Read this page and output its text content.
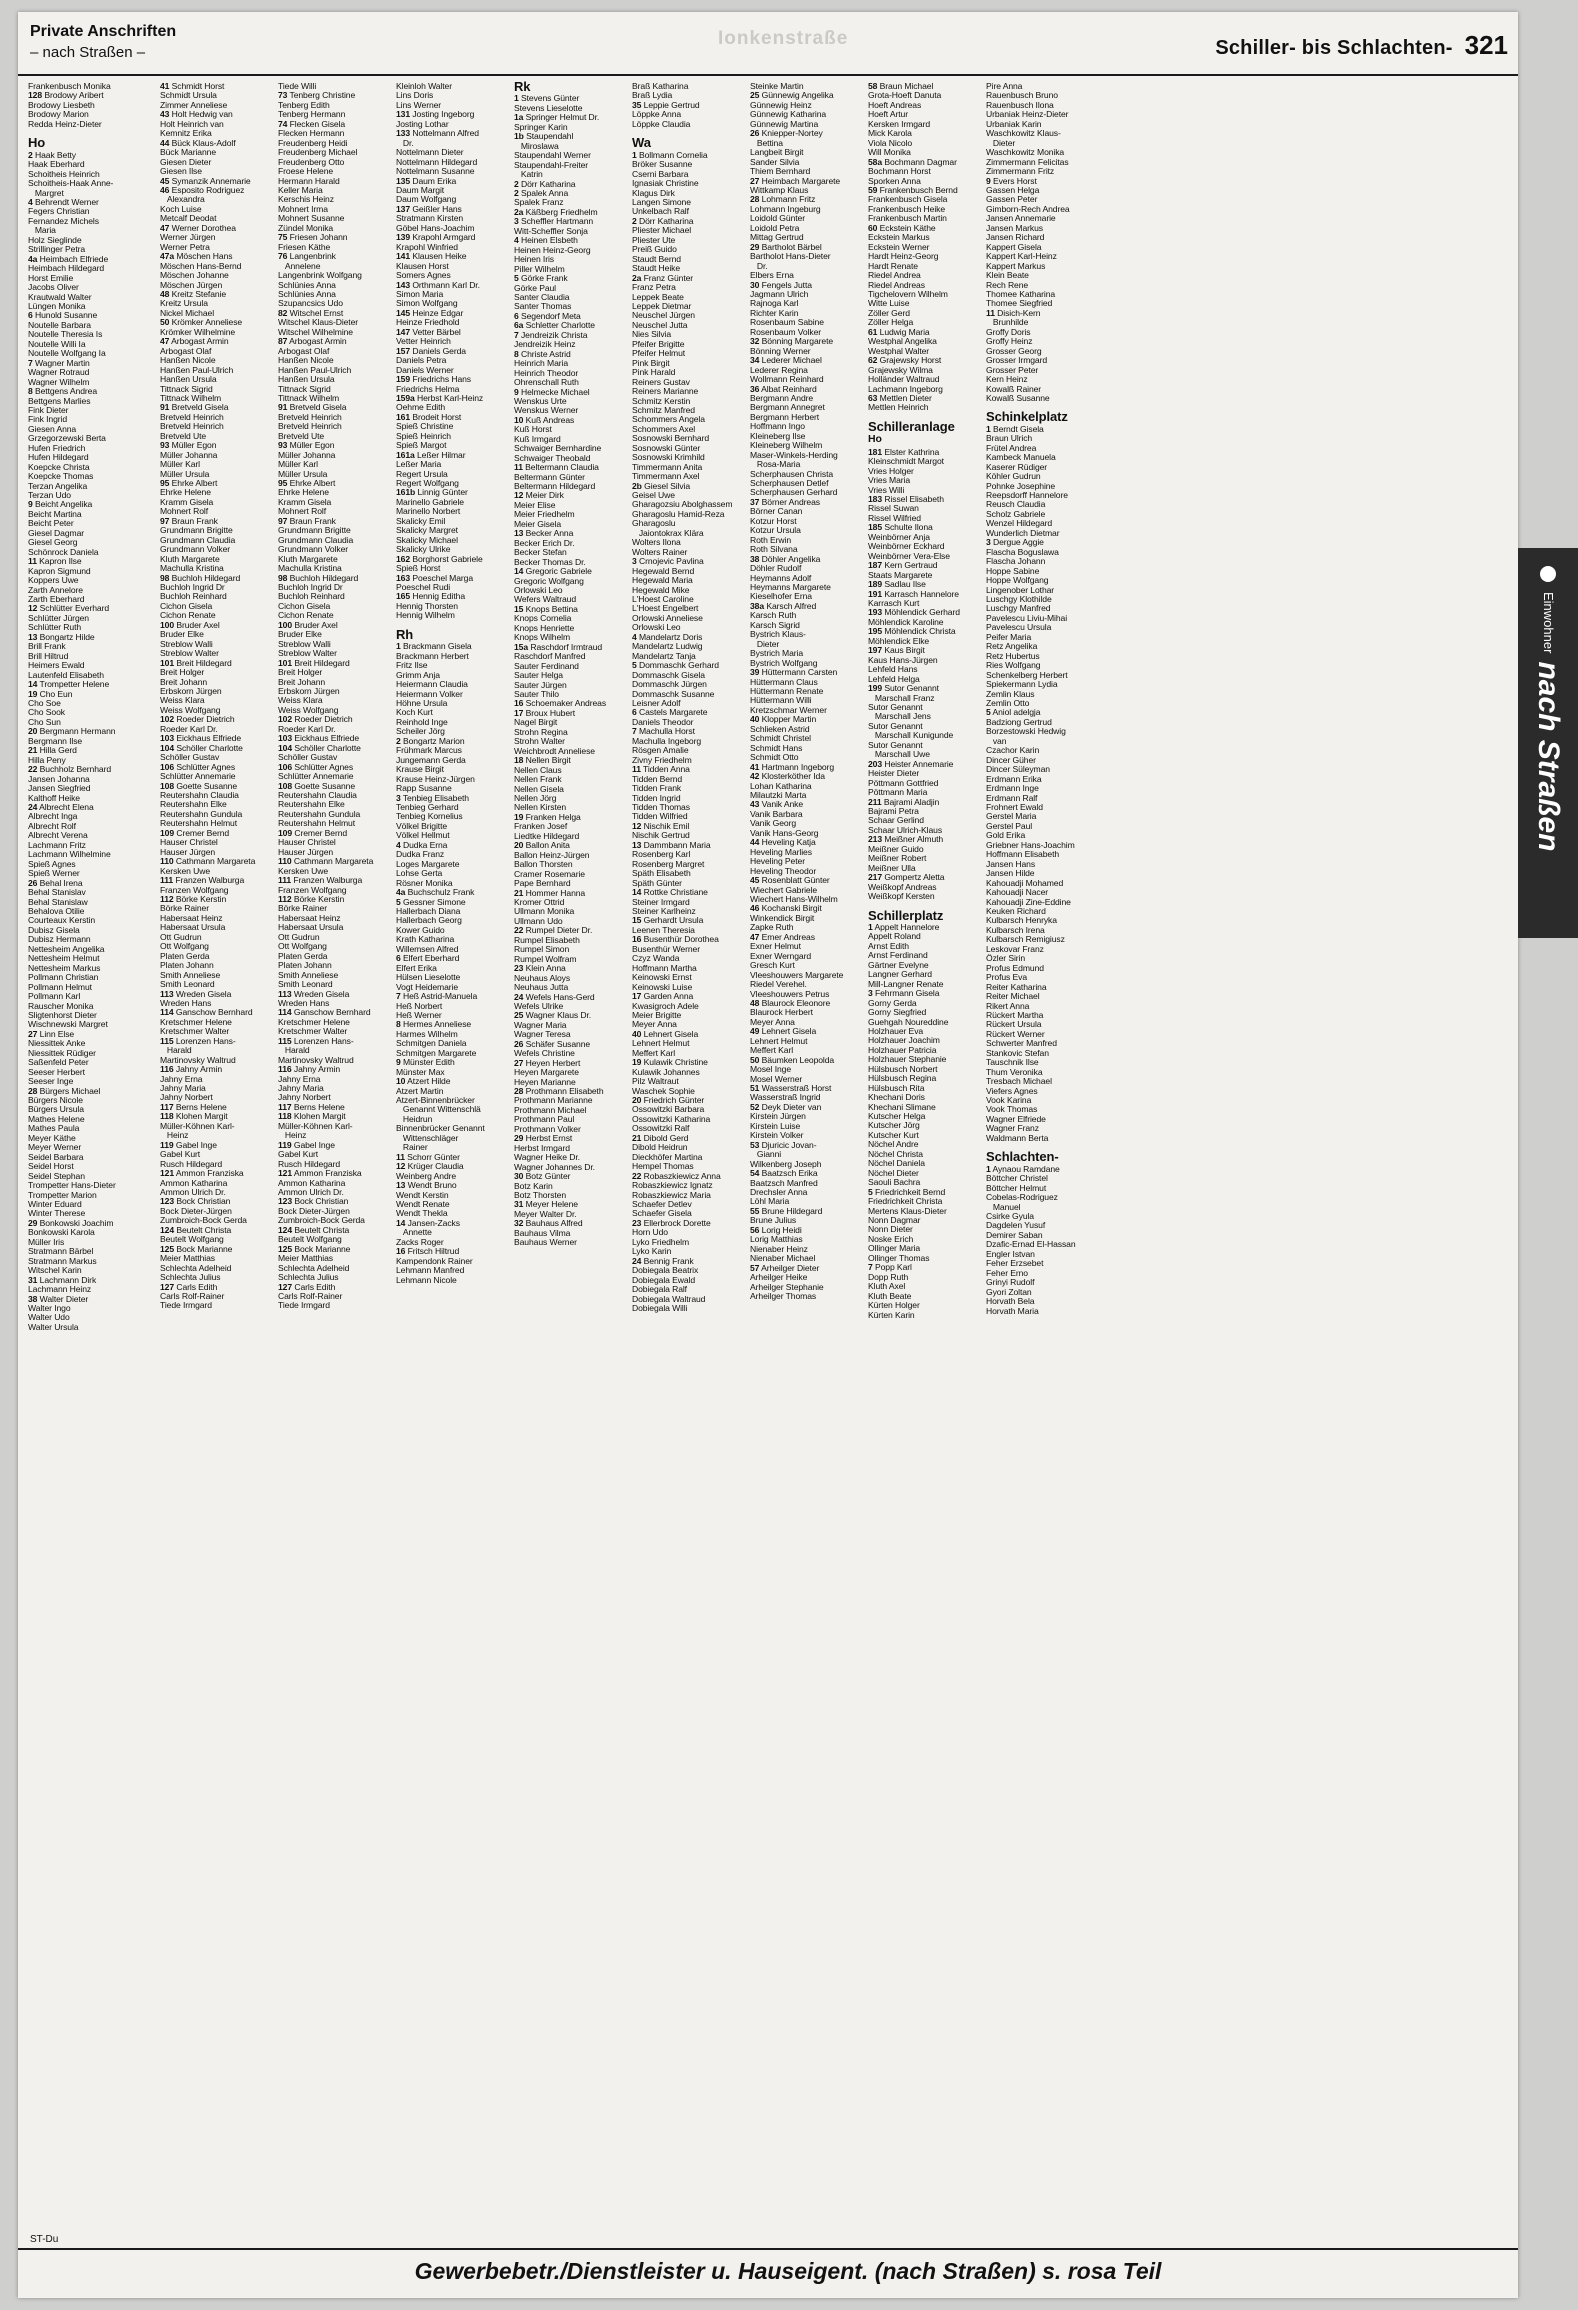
Private Anschriften
– nach Straßen –
Ionkenstraße	Schiller- bis Schlachten- 321
Frankenbusch Monika
128 Brodowy Aribert
Brodowy Liesbeth
Brodowy Marion
Redda Heinz-Dieter
Ho
2 Haak Betty
Haak Eberhard
Schoitheis Heinrich
Schoitheis-Haak Anne-
Margret
4 Behrendt Werner
Fegers Christian
Fernandez Michels
Maria
Holz Sieglinde
Strillinger Petra
4a Heimbach Elfriede
Heimbach Hildegard
Horst Emilie
Jacobs Oliver
Krautwald Walter
Lüngen Monika
6 Hunold Susanne
Noutelle Barbara
Noutelle Theresia Is
Noutelle Willi Ia
Noutelle Wolfgang Ia
7 Wagner Martin
Wagner Rotraud
Wagner Wilhelm
8 Bettgens Andrea
Bettgens Marlies
Fink Dieter
Fink Ingrid
Giesen Anna
Grzegorzewski Berta
Hufen Friedrich
Hufen Hildegard
Koepcke Christa
Koepcke Thomas
Terzan Angelika
Terzan Udo
9 Beicht Angelika
Beicht Martina
Beicht Peter
Giesel Dagmar
Giesel Georg
Schönrock Daniela
11 Kapron Ilse
Kapron Sigmund
Koppers Uwe
Zarth Annelore
Zarth Eberhard
12 Schlütter Everhard
Schlütter Jürgen
Schlütter Ruth
13 Bongartz Hilde
Brill Frank
Brill Hiltrud
Heimers Ewald
Lautenfeld Elisabeth
14 Trompetter Helene
19 Cho Eun
Cho Soe
Cho Sook
Cho Sun
20 Bergmann Hermann
Bergmann Ilse
21 Hilla Gerd
Hilla Peny
22 Buchholz Bernhard
Jansen Johanna
Jansen Siegfried
Kalthoff Heike
24 Albrecht Elena
Albrecht Inga
Albrecht Rolf
Albrecht Verena
Lachmann Fritz
Lachmann Wilhelmine
Spieß Agnes
Spieß Werner
26 Behal Irena
Behal Stanislav
Behal Stanislaw
Behalova Otilie
Courteaux Kerstin
Dubisz Gisela
Dubisz Hermann
Nettesheim Angelika
Nettesheim Helmut
Nettesheim Markus
Pollmann Christian
Pollmann Helmut
Pollmann Karl
Rauscher Monika
Sligtenhorst Dieter
Wischnewski Margret
27 Linn Else
Niessittek Anke
Niessittek Rüdiger
Saßenfeld Peter
Seeser Herbert
Seeser Inge
28 Bürgers Michael
Bürgers Nicole
Bürgers Ursula
Mathes Helene
Mathes Paula
Meyer Käthe
Meyer Werner
Seidel Barbara
Seidel Horst
Seidel Stephan
Trompetter Hans-Dieter
Trompetter Marion
Winter Eduard
Winter Therese
29 Bonkowski Joachim
Bonkowski Karola
Müller Iris
Stratmann Bärbel
Stratmann Markus
Witschel Karin
31 Lachmann Dirk
Lachmann Heinz
38 Walter Dieter
Walter Ingo
Walter Udo
Walter Ursula
41 Schmidt Horst
Schmidt Ursula
Zimmer Anneliese
43 Holt Hedwig van
Holt Heinrich van
Kemnitz Erika
44 Bück Klaus-Adolf
Bück Marianne
Giesen Dieter
Giesen Ilse
45 Symanzik Annemarie
46 Esposito Rodriguez
Alexandra
Koch Luise
Metcalf Deodat
47 Werner Dorothea
Werner Jürgen
Werner Petra
47a Möschen Hans
Möschen Hans-Bernd
Möschen Johanne
Möschen Jürgen
48 Kreitz Stefanie
Kreitz Ursula
Nickel Michael
50 Krömker Anneliese
Krömker Wilhelmine
47 Arbogast Armin
Arbogast Olaf
Hanßen Nicole
Hanßen Paul-Ulrich
Hanßen Ursula
Tittnack Sigrid
Tittnack Wilhelm
91 Bretveld Gisela
Bretveld Heinrich
Bretveld Heinrich
Bretveld Ute
93 Müller Egon
Müller Johanna
Müller Karl
Müller Ursula
95 Ehrke Albert
Ehrke Helene
Kramm Gisela
Mohnert Rolf
97 Braun Frank
Grundmann Brigitte
Grundmann Claudia
Grundmann Volker
Kluth Margarete
Machulla Kristina
98 Buchloh Hildegard
Buchloh Ingrid Dr
Buchloh Reinhard
Cichon Gisela
Cichon Renate
100 Bruder Axel
Bruder Elke
Streblow Walli
Streblow Walter
101 Breit Hildegard
Breit Holger
Breit Johann
Erbskorn Jürgen
Weiss Klara
Weiss Wolfgang
102 Roeder Dietrich
Roeder Karl Dr.
103 Eickhaus Elfriede
104 Schöller Charlotte
Schöller Gustav
106 Schlütter Agnes
Schlütter Annemarie
108 Goette Susanne
Reutershahn Claudia
Reutershahn Elke
Reutershahn Gundula
Reutershahn Helmut
109 Cremer Bernd
Hauser Christel
Hauser Jürgen
110 Cathmann Margareta
Kersken Uwe
111 Franzen Walburga
Franzen Wolfgang
112 Börke Kerstin
Börke Rainer
Habersaat Heinz
Habersaat Ursula
Ott Gudrun
Ott Wolfgang
Platen Gerda
Platen Johann
Smith Anneliese
Smith Leonard
113 Wreden Gisela
Wreden Hans
114 Ganschow Bernhard
Kretschmer Helene
Kretschmer Walter
115 Lorenzen Hans-
Harald
Martinovsky Waltrud
116 Jahny Armin
Jahny Erna
Jahny Maria
Jahny Norbert
117 Berns Helene
118 Klohen Margit
Müller-Köhnen Karl-
Heinz
119 Gabel Inge
Gabel Kurt
Rusch Hildegard
121 Ammon Franziska
Ammon Katharina
Ammon Ulrich Dr.
123 Bock Christian
Bock Dieter-Jürgen
Zumbroich-Bock Gerda
124 Beutelt Christa
Beutelt Wolfgang
125 Bock Marianne
Meier Matthias
Schlechta Adelheid
Schlechta Julius
127 Carls Edith
Carls Rolf-Rainer
Tiede Irmgard
Tiede Willi
73 Tenberg Christine
Tenberg Edith
Tenberg Hermann
74 Flecken Gisela
Flecken Hermann
Freudenberg Heidi
Freudenberg Michael
Freudenberg Otto
Froese Helene
Hermann Harald
Keller Maria
Kerschis Heinz
Mohnert Irma
Mohnert Susanne
Zündel Monika
75 Friesen Johann
Friesen Käthe
76 Langenbrink
Annelene
Langenbrink Wolfgang
Schlünies Anna
Schlünies Anna
Szupancsics Udo
82 Witschel Ernst
Witschel Klaus-Dieter
Witschel Wilhelmine
87 Arbogast Armin
Arbogast Olaf
Hanßen Nicole
Hanßen Paul-Ulrich
Hanßen Ursula
Tittnack Sigrid
Tittnack Wilhelm
91 Bretveld Gisela
Bretveld Heinrich
Bretveld Heinrich
Bretveld Ute
93 Müller Egon
Müller Johanna
Müller Karl
Müller Ursula
95 Ehrke Albert
Ehrke Helene
Kramm Gisela
Mohnert Rolf
97 Braun Frank
Grundmann Brigitte
Grundmann Claudia
Grundmann Volker
Kluth Margarete
Machulla Kristina
98 Buchloh Hildegard
Buchloh Ingrid Dr
Buchloh Reinhard
Cichon Gisela
Cichon Renate
100 Bruder Axel
Bruder Elke
Streblow Walli
Streblow Walter
101 Breit Hildegard
Breit Holger
Breit Johann
Erbskorn Jürgen
Weiss Klara
Weiss Wolfgang
102 Roeder Dietrich
Roeder Karl Dr.
103 Eickhaus Elfriede
104 Schöller Charlotte
Schöller Gustav
106 Schlütter Agnes
Schlütter Annemarie
108 Goette Susanne
Reutershahn Claudia
Reutershahn Elke
Reutershahn Gundula
Reutershahn Helmut
109 Cremer Bernd
Hauser Christel
Hauser Jürgen
110 Cathmann Margareta
Kersken Uwe
111 Franzen Walburga
Franzen Wolfgang
112 Börke Kerstin
Börke Rainer
Habersaat Heinz
Habersaat Ursula
Ott Gudrun
Ott Wolfgang
Platen Gerda
Platen Johann
Smith Anneliese
Smith Leonard
113 Wreden Gisela
Wreden Hans
114 Ganschow Bernhard
Kretschmer Helene
Kretschmer Walter
115 Lorenzen Hans-
Harald
Martinovsky Waltrud
116 Jahny Armin
Jahny Erna
Jahny Maria
Jahny Norbert
117 Berns Helene
118 Klohen Margit
Müller-Köhnen Karl-
Heinz
119 Gabel Inge
Gabel Kurt
Rusch Hildegard
121 Ammon Franziska
Ammon Katharina
Ammon Ulrich Dr.
123 Bock Christian
Bock Dieter-Jürgen
Zumbroich-Bock Gerda
124 Beutelt Christa
Beutelt Wolfgang
125 Bock Marianne
Meier Matthias
Schlechta Adelheid
Schlechta Julius
127 Carls Edith
Carls Rolf-Rainer
Tiede Irmgard
Kleinloh Walter
Lins Doris
Lins Werner
131 Josting Ingeborg
Josting Lothar
133 Nottelmann Alfred
Dr.
Nottelmann Dieter
Nottelmann Hildegard
Nottelmann Susanne
135 Daum Erika
Daum Margit
Daum Wolfgang
137 Geißler Hans
Stratmann Kirsten
Göbel Hans-Joachim
139 Krapohl Armgard
Krapohl Winfried
141 Klausen Heike
Klausen Horst
Somers Agnes
143 Orthmann Karl Dr.
Simon Maria
Simon Wolfgang
145 Heinze Edgar
Heinze Friedhold
147 Vetter Bärbel
Vetter Heinrich
157 Daniels Gerda
Daniels Petra
Daniels Werner
159 Friedrichs Hans
Friedrichs Helma
159a Herbst Karl-Heinz
Oehme Edith
161 Brodeit Horst
Spieß Christine
Spieß Heinrich
Spieß Margot
161a Leßer Hilmar
Leßer Maria
Regert Ursula
Regert Wolfgang
161b Linnig Günter
Marinello Gabriele
Marinello Norbert
Skalicky Emil
Skalicky Margret
Skalicky Michael
Skalicky Ulrike
162 Borghorst Gabriele
Spieß Horst
163 Poeschel Marga
Poeschel Rudi
165 Hennig Editha
Hennig Thorsten
Hennig Wilhelm
Rh
1 Brackmann Gisela
Brackmann Herbert
Fritz Ilse
Grimm Anja
Heiermann Claudia
Heiermann Volker
Höhne Ursula
Koch Kurt
Reinhold Inge
Scheiler Jörg
2 Bongartz Marion
Frühmark Marcus
Jungemann Gerda
Krause Birgit
Krause Heinz-Jürgen
Rapp Susanne
3 Tenbieg Elisabeth
Tenbieg Gerhard
Tenbieg Kornelius
Völkel Brigitte
Völkel Hellmut
4 Dudka Erna
Dudka Franz
Loges Margarete
Lohse Gerta
Rösner Monika
4a Buchschulz Frank
5 Gessner Simone
Hallerbach Diana
Hallerbach Georg
Kower Guido
Krath Katharina
Willemsen Alfred
6 Elfert Eberhard
Elfert Erika
Hülsen Lieselotte
Vogt Heidemarie
7 Heß Astrid-Manuela
Heß Norbert
Heß Werner
8 Hermes Anneliese
Harmes Wilhelm
Schmitgen Daniela
Schmitgen Margarete
9 Münster Edith
Münster Max
10 Atzert Hilde
Atzert Martin
Atzert-Binnenbrücker
Genannt Wittenschlä
Heidrun
Binnenbrücker Genannt
Wittenschläger
Rainer
11 Schorr Günter
12 Krüger Claudia
Weinberg Andre
13 Wendt Bruno
Wendt Kerstin
Wendt Renate
Wendt Thekla
14 Jansen-Zacks
Annette
Zacks Roger
16 Fritsch Hiltrud
Kampendonk Rainer
Lehmann Manfred
Lehmann Nicole
Rk
1 Stevens Günter
Stevens Lieselotte
1a Springer Helmut Dr.
Springer Karin
1b Staupendahl
Miroslawa
Staupendahl Werner
Staupendahl-Freiter
Katrin
2 Dörr Katharina
2 Spalek Anna
Spalek Franz
2a Käßberg Friedhelm
3 Scheffler Hartmann
Witt-Scheffler Sonja
4 Heinen Elsbeth
Heinen Heinz-Georg
Heinen Iris
Piller Wilhelm
5 Görke Frank
Görke Paul
Santer Claudia
Santer Thomas
6 Segendorf Meta
6a Schletter Charlotte
7 Jendreizik Christa
Jendreizik Heinz
8 Christe Astrid
Heinrich Maria
Heinrich Theodor
Ohrenschall Ruth
9 Helmecke Michael
Wenskus Urte
Wenskus Werner
10 Kuß Andreas
Kuß Horst
Kuß Irmgard
Schwaiger Bernhardine
Schwaiger Theobald
11 Beltermann Claudia
Beltermann Günter
Beltermann Hildegard
12 Meier Dirk
Meier Elise
Meier Friedhelm
Meier Gisela
13 Becker Anna
Becker Erich Dr.
Becker Stefan
Becker Thomas Dr.
14 Gregoric Gabriele
Gregoric Wolfgang
Orlowski Leo
Wefers Waltraud
15 Knops Bettina
Knops Cornelia
Knops Henriette
Knops Wilhelm
15a Raschdorf Irmtraud
Raschdorf Manfred
Sauter Ferdinand
Sauter Helga
Sauter Jürgen
Sauter Thilo
16 Schoemaker Andreas
17 Broux Hubert
Nagel Birgit
Strohn Regina
Strohn Walter
Weichbrodt Anneliese
18 Nellen Birgit
Nellen Claus
Nellen Frank
Nellen Gisela
Nellen Jörg
Nellen Kirsten
19 Franken Helga
Franken Josef
Liedtke Hildegard
20 Ballon Anita
Ballon Heinz-Jürgen
Ballon Thorsten
Cramer Rosemarie
Pape Bernhard
21 Hommer Hanna
Kromer Ottrid
Ullmann Monika
Ullmann Udo
22 Rumpel Dieter Dr.
Rumpel Elisabeth
Rumpel Simon
Rumpel Wolfram
23 Klein Anna
Neuhaus Aloys
Neuhaus Jutta
24 Wefels Hans-Gerd
Wefels Ulrike
25 Wagner Klaus Dr.
Wagner Maria
Wagner Teresa
26 Schäfer Susanne
Wefels Christine
27 Heyen Herbert
Heyen Margarete
Heyen Marianne
28 Prothmann Elisabeth
Prothmann Marianne
Prothmann Michael
Prothmann Paul
Prothmann Volker
29 Herbst Ernst
Herbst Irmgard
Wagner Heike Dr.
Wagner Johannes Dr.
30 Botz Günter
Botz Karin
Botz Thorsten
31 Meyer Helene
Meyer Walter Dr.
32 Bauhaus Alfred
Bauhaus Vilma
Bauhaus Werner
Braß Katharina
Braß Lydia
35 Leppie Gertrud
Löppke Anna
Löppke Claudia
Wa
1 Bollmann Cornelia
Bröker Susanne
Cserni Barbara
Ignasiak Christine
Klagus Dirk
Langen Simone
Unkelbach Ralf
2 Dörr Katharina
Pliester Michael
Pliester Ute
Preiß Guido
Staudt Bernd
Staudt Heike
2a Franz Günter
Franz Petra
Leppek Beate
Leppek Dietmar
Neuschel Jürgen
Neuschel Jutta
Nies Silvia
Pfeifer Brigitte
Pfeifer Helmut
Pink Birgit
Pink Harald
Reiners Gustav
Reiners Marianne
Schmitz Kerstin
Schmitz Manfred
Schommers Angela
Schommers Axel
Sosnowski Bernhard
Sosnowski Günter
Sosnowski Krimhild
Timmermann Anita
Timmermann Axel
2b Giesel Silvia
Geisel Uwe
Gharagozsiu Abolghassem
Gharagoslu Hamid-Reza
Gharagoslu
Jaiontokrax Klära
Wolters Ilona
Wolters Rainer
3 Crnojevic Pavlina
Hegewald Bernd
Hegewald Maria
Hegewald Mike
L'Hoest Caroline
L'Hoest Engelbert
Orlowski Anneliese
Orlowski Leo
4 Mandelartz Doris
Mandelartz Ludwig
Mandelartz Tanja
5 Dommaschk Gerhard
Dommaschk Gisela
Dommaschk Jürgen
Dommaschk Susanne
Leisner Adolf
6 Castels Margarete
Daniels Theodor
7 Machulla Horst
Machulla Ingeborg
Rösgen Amalie
Zivny Friedhelm
11 Tidden Anna
Tidden Bernd
Tidden Frank
Tidden Ingrid
Tidden Thomas
Tidden Wilfried
12 Nischik Emil
Nischik Gertrud
13 Dammbann Maria
Rosenberg Karl
Rosenberg Margret
Späth Elisabeth
Späth Günter
14 Rottke Christiane
Steiner Irmgard
Steiner Karlheinz
15 Gerhardt Ursula
Leenen Theresia
16 Busenthür Dorothea
Busenthür Werner
Czyz Wanda
Hoffmann Martha
Keinowski Ernst
Keinowski Luise
17 Garden Anna
Kwasigroch Adele
Meier Brigitte
Meyer Anna
40 Lehnert Gisela
Lehnert Helmut
Meffert Karl
19 Kulawik Christine
Kulawik Johannes
Pilz Waltraut
Waschek Sophie
20 Friedrich Günter
Ossowitzki Barbara
Ossowitzki Katharina
Ossowitzki Ralf
21 Dibold Gerd
Dibold Heidrun
Dieckhöfer Martina
Hempel Thomas
22 Robaszkiewicz Anna
Robaszkiewicz Ignatz
Robaszkiewicz Maria
Schaefer Detlev
Schaefer Gisela
23 Ellerbrock Dorette
Horn Udo
Lyko Friedhelm
Lyko Karin
24 Bennig Frank
Dobiegala Beatrix
Dobiegala Ewald
Dobiegala Ralf
Dobiegala Waltraud
Dobiegala Willi
Steinke Martin
25 Günnewig Angelika
Günnewig Heinz
Günnewig Katharina
Günnewig Martina
26 Kniepper-Nortey
Bettina
Langbeit Birgit
Sander Silvia
Thiem Bernhard
27 Heimbach Margarete
Wittkamp Klaus
28 Lohmann Fritz
Lohmann Ingeburg
Loidold Günter
Loidold Petra
Mittag Gertrud
29 Bartholot Bärbel
Bartholot Hans-Dieter
Dr.
Elbers Erna
30 Fengels Jutta
Jagmann Ulrich
Rajnoga Karl
Richter Karin
Rosenbaum Sabine
Rosenbaum Volker
32 Bönning Margarete
Bönning Werner
34 Lederer Michael
Lederer Regina
Wollmann Reinhard
36 Albat Reinhard
Bergmann Andre
Bergmann Annegret
Bergmann Herbert
Hoffmann Ingo
Kleineberg Ilse
Kleineberg Wilhelm
Maser-Winkels-Herding
Rosa-Maria
Scherphausen Christa
Scherphausen Detlef
Scherphausen Gerhard
37 Börner Andreas
Börner Canan
Kotzur Horst
Kotzur Ursula
Roth Erwin
Roth Silvana
38 Döhler Angelika
Döhler Rudolf
Heymanns Adolf
Heymanns Margarete
Kieselhofer Erna
38a Karsch Alfred
Karsch Ruth
Karsch Sigrid
Bystrich Klaus-
Dieter
Bystrich Maria
Bystrich Wolfgang
39 Hüttermann Carsten
Hüttermann Claus
Hüttermann Renate
Hüttermann Willi
Kretzschmar Werner
40 Klopper Martin
Schlieken Astrid
Schmidt Christel
Schmidt Hans
Schmidt Otto
41 Hartmann Ingeborg
42 Klosterköther Ida
Lohan Katharina
Milautzki Marta
43 Vanik Anke
Vanik Barbara
Vanik Georg
Vanik Hans-Georg
44 Heveling Katja
Heveling Marlies
Heveling Peter
Heveling Theodor
45 Rosenblatt Günter
Wiechert Gabriele
Wiechert Hans-Wilhelm
46 Kochanski Birgit
Winkendick Birgit
Zapke Ruth
47 Emer Andreas
Exner Helmut
Exner Werngard
Gresch Kurt
Vleeshouwers Margarete
Riedel Verehel.
Vleeshouwers Petrus
48 Blaurock Eleonore
Blaurock Herbert
Meyer Anna
49 Lehnert Gisela
Lehnert Helmut
Meffert Karl
50 Bäumken Leopolda
Mosel Inge
Mosel Werner
51 Wasserstraß Horst
Wasserstraß Ingrid
52 Deyk Dieter van
Kirstein Jürgen
Kirstein Luise
Kirstein Volker
53 Djuricic Jovan-
Gianni
Wilkenberg Joseph
54 Baatzsch Erika
Baatzsch Manfred
Drechsler Anna
Löhl Maria
55 Brune Hildegard
Brune Julius
56 Lorig Heidi
Lorig Matthias
Nienaber Heinz
Nienaber Michael
57 Arheilger Dieter
Arheilger Heike
Arheilger Stephanie
Arheilger Thomas
58 Braun Michael
Grota-Hoeft Danuta
Hoeft Andreas
Hoeft Artur
Kersken Irmgard
Mick Karola
Viola Nicolo
Will Monika
58a Bochmann Dagmar
Bochmann Horst
Sporken Anna
59 Frankenbusch Bernd
Frankenbusch Gisela
Frankenbusch Heike
Frankenbusch Martin
60 Eckstein Käthe
Eckstein Markus
Eckstein Werner
Hardt Heinz-Georg
Hardt Renate
Riedel Andrea
Riedel Andreas
Tigchelovern Wilhelm
Witte Luise
Zöller Gerd
Zöller Helga
61 Ludwig Maria
Westphal Angelika
Westphal Walter
62 Grajewsky Horst
Grajewsky Wilma
Holländer Waltraud
Lachmann Ingeborg
63 Mettlen Dieter
Mettlen Heinrich
Schilleranlage
Ho
181 Elster Kathrina
Kleinschmidt Margot
Vries Holger
Vries Maria
Vries Willi
183 Rissel Elisabeth
Rissel Suwan
Rissel Wilfried
185 Schulte Ilona
Weinbörner Anja
Weinbörner Eckhard
Weinbörner Vera-Else
187 Kern Gertraud
Staats Margarete
189 Sadlau Ilse
191 Karrasch Hannelore
Karrasch Kurt
193 Möhlendick Gerhard
Möhlendick Karoline
195 Möhlendick Christa
Möhlendick Elke
197 Kaus Birgit
Kaus Hans-Jürgen
Lehfeld Hans
Lehfeld Helga
199 Sutor Genannt
Marschall Franz
Sutor Genannt
Marschall Jens
Sutor Genannt
Marschall Kunigunde
Sutor Genannt
Marschall Uwe
203 Heister Annemarie
Heister Dieter
Pöttmann Gottfried
Pöttmann Maria
211 Bajrami Aladjin
Bajrami Petra
Schaar Gerlind
Schaar Ulrich-Klaus
213 Meißner Almuth
Meißner Guido
Meißner Robert
Meißner Ulla
217 Gompertz Aletta
Weißkopf Andreas
Weißkopf Kersten
Schillerplatz
1 Appelt Hannelore
Appelt Roland
Arnst Edith
Arnst Ferdinand
Gärtner Evelyne
Langner Gerhard
Mill-Langner Renate
3 Fehrmann Gisela
Gorny Gerda
Gorny Siegfried
Guehgah Noureddine
Holzhauer Eva
Holzhauer Joachim
Holzhauer Patricia
Holzhauer Stephanie
Hülsbusch Norbert
Hülsbusch Regina
Hülsbusch Rita
Khechani Doris
Khechani Slimane
Kutscher Helga
Kutscher Jörg
Kutscher Kurt
Nöchel Andre
Nöchel Christa
Nöchel Daniela
Nöchel Dieter
Saouli Bachra
5 Friedrichkeit Bernd
Friedrichkeit Christa
Mertens Klaus-Dieter
Nonn Dagmar
Nonn Dieter
Noske Erich
Ollinger Maria
Ollinger Thomas
7 Popp Karl
Dopp Ruth
Kluth Axel
Kluth Beate
Kürten Holger
Kürten Karin
Pire Anna
Rauenbusch Bruno
Rauenbusch Ilona
Urbaniak Heinz-Dieter
Urbaniak Karin
Waschkowitz Klaus-
Dieter
Waschkowitz Monika
Zimmermann Felicitas
Zimmermann Fritz
9 Evers Horst
Gassen Helga
Gassen Peter
Gimborn-Rech Andrea
Jansen Annemarie
Jansen Markus
Jansen Richard
Kappert Gisela
Kappert Karl-Heinz
Kappert Markus
Klein Beate
Rech Rene
Thomee Katharina
Thomee Siegfried
11 Disich-Kern
Brunhilde
Groffy Doris
Groffy Heinz
Grosser Georg
Grosser Irmgard
Grosser Peter
Kern Heinz
Kowalß Rainer
Kowalß Susanne
Schinkelplatz
1 Berndt Gisela
Braun Ulrich
Frütel Andrea
Kambeck Manuela
Kaserer Rüdiger
Köhler Gudrun
Pohnke Josephine
Reepsdorff Hannelore
Reusch Claudia
Scholz Gabriele
Wenzel Hildegard
Wunderlich Dietmar
3 Dergue Aggie
Flascha Boguslawa
Flascha Johann
Hoppe Sabine
Hoppe Wolfgang
Lingenober Lothar
Luschgy Klothilde
Luschgy Manfred
Pavelescu Liviu-Mihai
Pavelescu Ursula
Peifer Maria
Retz Angelika
Retz Hubertus
Ries Wolfgang
Schenkelberg Herbert
Spiekermann Lydia
Zemlin Klaus
Zemlin Otto
5 Aniol adelgja
Badziong Gertrud
Borzestowski Hedwig
van
Czachor Karin
Dincer Güher
Dincer Süleyman
Erdmann Erika
Erdmann Inge
Erdmann Ralf
Frohnert Ewald
Gerstel Maria
Gerstel Paul
Gold Erika
Griebner Hans-Joachim
Hoffmann Elisabeth
Jansen Hans
Jansen Hilde
Kahouadji Mohamed
Kahouadji Nacer
Kahouadji Zine-Eddine
Keuken Richard
Kulbarsch Henryka
Kulbarsch Irena
Kulbarsch Remigiusz
Leskovar Franz
Özler Sirin
Profus Edmund
Profus Eva
Reiter Katharina
Reiter Michael
Rikert Anna
Rückert Martha
Rückert Ursula
Rückert Werner
Schwerter Manfred
Stankovic Stefan
Tauschnik Ilse
Thum Veronika
Tresbach Michael
Viefers Agnes
Vook Karina
Vook Thomas
Wagner Elfriede
Wagner Franz
Waldmann Berta
Schlachten-
1 Aynaou Ramdane
Böttcher Christel
Böttcher Helmut
Cobelas-Rodriguez
Manuel
Csirke Gyula
Dagdelen Yusuf
Demirer Saban
Dzafic-Ernad El-Hassan
Engler Istvan
Feher Erzsebet
Feher Erno
Grinyi Rudolf
Gyori Zoltan
Horvath Bela
Horvath Maria
ST-Du
Gewerbebetr./Dienstleister u. Hauseigent. (nach Straßen) s. rosa Teil
Einwohner
nach Straßen
